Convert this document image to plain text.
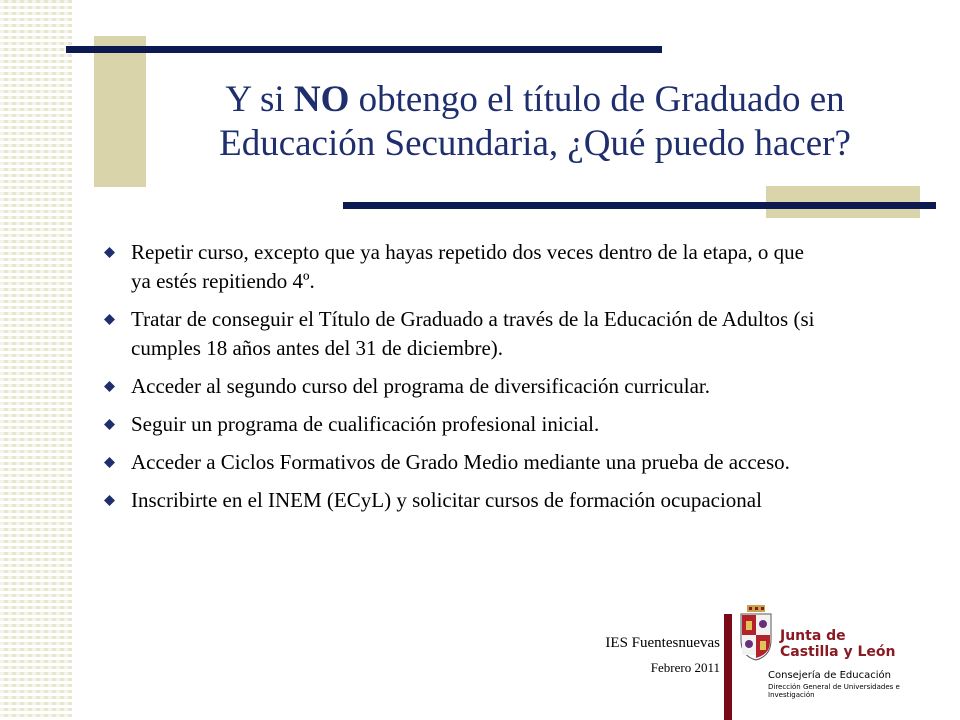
Y si NO obtengo el título de Graduado en Educación Secundaria, ¿Qué puedo hacer?
Repetir curso, excepto que ya hayas repetido dos veces dentro de la etapa, o que ya estés repitiendo 4º.
Tratar de conseguir el Título de Graduado a través de la Educación de Adultos (si cumples 18 años antes del 31 de diciembre).
Acceder al segundo curso del programa de diversificación curricular.
Seguir un programa de cualificación profesional inicial.
Acceder a Ciclos Formativos de Grado Medio mediante una prueba de acceso.
Inscribirte en el INEM (ECyL) y solicitar cursos de formación ocupacional
IES Fuentesnuevas
Febrero 2011
Junta de
Castilla y León
Consejería de Educación
Dirección General de Universidades e Investigación
